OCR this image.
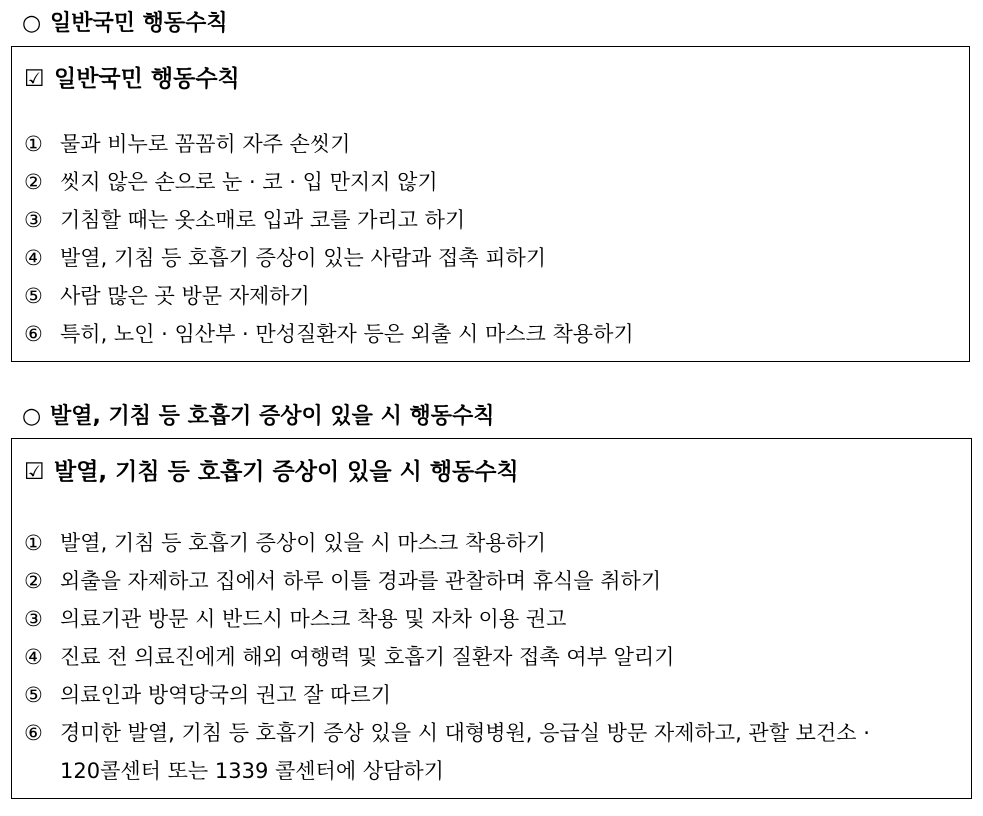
○ 일반국민 행동수칙
☑ 일반국민 행동수칙
① 물과 비누로 꼼꼼히 자주 손씻기
② 씻지 않은 손으로 눈 · 코 · 입 만지지 않기
③ 기침할 때는 옷소매로 입과 코를 가리고 하기
④ 발열, 기침 등 호흡기 증상이 있는 사람과 접촉 피하기
⑤ 사람 많은 곳 방문 자제하기
⑥ 특히, 노인 · 임산부 · 만성질환자 등은 외출 시 마스크 착용하기
○ 발열, 기침 등 호흡기 증상이 있을 시 행동수칙
☑ 발열, 기침 등 호흡기 증상이 있을 시 행동수칙
① 발열, 기침 등 호흡기 증상이 있을 시 마스크 착용하기
② 외출을 자제하고 집에서 하루 이틀 경과를 관찰하며 휴식을 취하기
③ 의료기관 방문 시 반드시 마스크 착용 및 자차 이용 권고
④ 진료 전 의료진에게 해외 여행력 및 호흡기 질환자 접촉 여부 알리기
⑤ 의료인과 방역당국의 권고 잘 따르기
⑥ 경미한 발열, 기침 등 호흡기 증상 있을 시 대형병원, 응급실 방문 자제하고, 관할 보건소 · 120콜센터 또는 1339 콜센터에 상담하기
